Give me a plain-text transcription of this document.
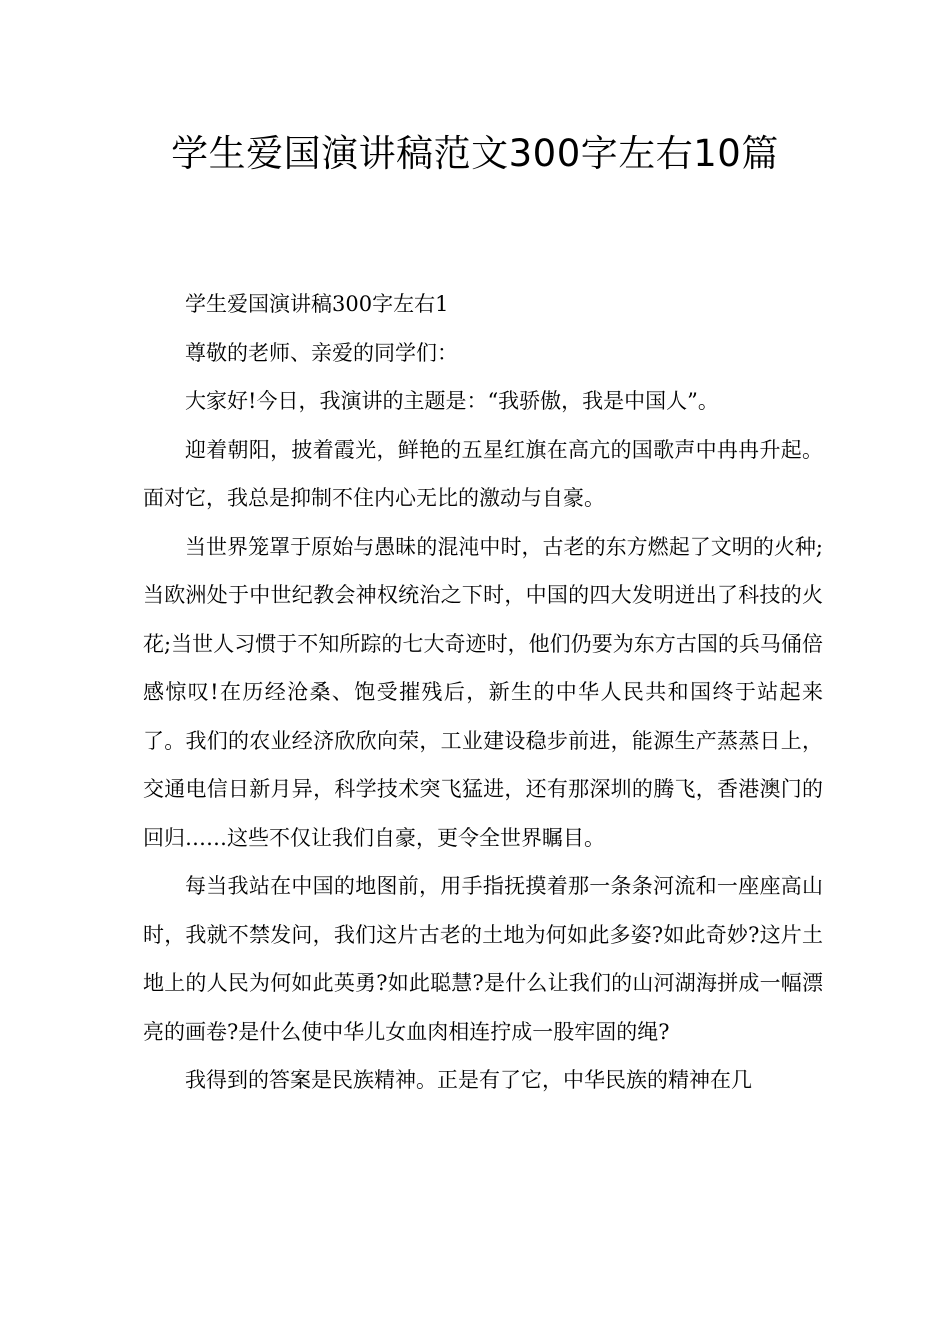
学生爱国演讲稿范文300字左右10篇

学生爱国演讲稿300字左右1

尊敬的老师、亲爱的同学们：

大家好!今日，我演讲的主题是：“我骄傲，我是中国人”。

迎着朝阳，披着霞光，鲜艳的五星红旗在高亢的国歌声中冉冉升起。面对它，我总是抑制不住内心无比的激动与自豪。

当世界笼罩于原始与愚昧的混沌中时，古老的东方燃起了文明的火种;当欧洲处于中世纪教会神权统治之下时，中国的四大发明迸出了科技的火花;当世人习惯于不知所踪的七大奇迹时，他们仍要为东方古国的兵马俑倍感惊叹!在历经沧桑、饱受摧残后，新生的中华人民共和国终于站起来了。我们的农业经济欣欣向荣，工业建设稳步前进，能源生产蒸蒸日上，交通电信日新月异，科学技术突飞猛进，还有那深圳的腾飞，香港澳门的回归……这些不仅让我们自豪，更令全世界瞩目。

每当我站在中国的地图前，用手指抚摸着那一条条河流和一座座高山时，我就不禁发问，我们这片古老的土地为何如此多姿?如此奇妙?这片土地上的人民为何如此英勇?如此聪慧?是什么让我们的山河湖海拼成一幅漂亮的画卷?是什么使中华儿女血肉相连拧成一股牢固的绳?

我得到的答案是民族精神。正是有了它，中华民族的精神在几
